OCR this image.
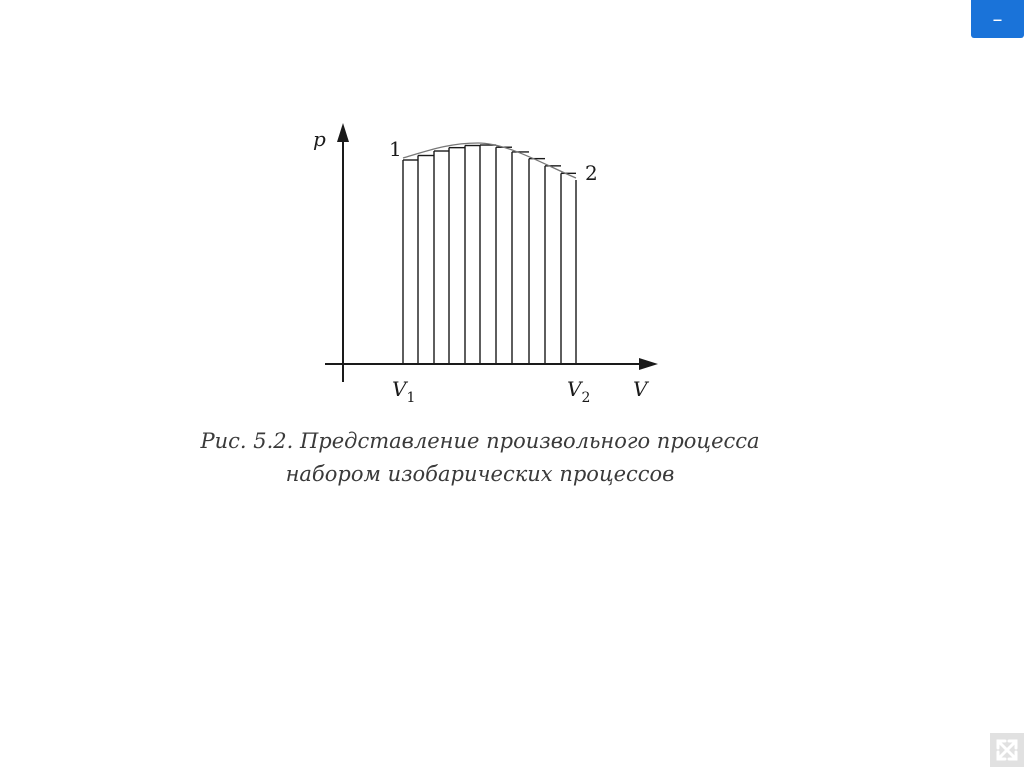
p
V
$V_1$	$V_2$
1
2
Рис. 5.2. Представление произвольного процесса
набором изобарических процессов
–
